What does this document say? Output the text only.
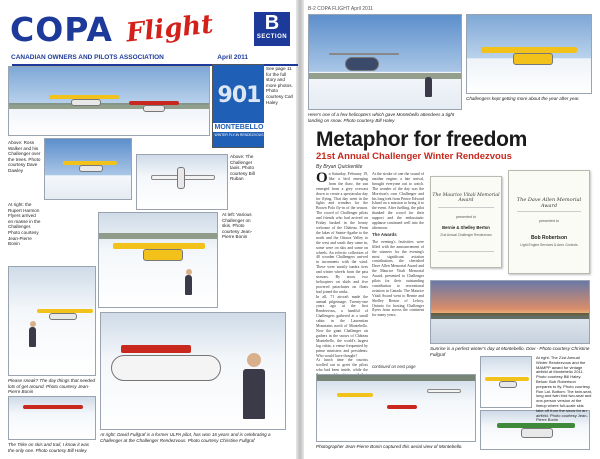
COPA Flight	B
SECTION
CANADIAN OWNERS AND PILOTS ASSOCIATION	April 2011
901
MONTEBELLO
WINTER FLY-IN RENDEZVOUS
See page 11 for the full story and more photos. Photo courtesy Carl Haley
Above: Ross Walker and his Challenger over the trees. Photo courtesy Dave Dawley
Above: The Challenger taxis. Photo courtesy Bill Ruban
At right: the Rupert Harmon Flyers arrived en masse in the Challenger. Photo courtesy Jean-Pierre Bonin
At left: Various Challenger on skis. Photo courtesy Jean-Pierre Bonin
Please sneak? The day things that needed lots of get around. Photo courtesy Jean-Pierre Bonin
The Trike on skis and trail, I know it was the only one. Photo courtesy Bill Haley
At right: David Fullgraf is a former ULPA pilot, has won 16 years and is celebrating a Challenger at the Challenger Rendezvous. Photo courtesy Christine Fullgraf
B-2 COPA FLIGHT April 2011
Here's one of a few helicopters which gave Montebello attendees a tight landing on snow. Photo courtesy Bill Haley
Challengers kept getting more about the year after year.
Metaphor for freedom
21st Annual Challenger Winter Rendezvous
By Bryan Quickenlite
On Saturday, February 19, like a bird emerging from the thaw, the sun emerged from a grey overcast down to create a spectacular day for flying. That day went in the lights and wonders for the Brown Polo fly-in of the season. The crowd of Challenger pilots and friends who had arrived on Friday basked in the hearty welcome of the Château. From the lakes of Sainte-Agathe to the north and the Ottawa Valley to the west and south they came in, some were on skis and some on wheels. An eclectic collection of 40 wooden Challengers arrived in increments with the wind. These were mostly tundra tires and winter wheels from the past seasons. By noon, two helicopters on skids and five powered parachutes on floats had joined the ranks.
In all, 71 aircraft made the annual pilgrimage. Twenty-one years ago at the first Rendezvous, a handful of Challengers gathered at a small cabin in the Laurentian Mountains north of Montebello. Now the giant Challenger air gathers in the snows of Château Montebello, the world's largest log cabin, a venue frequented by prime ministers and presidents. Who would have thought?
At lunch time the tourists strolled out to greet the pilots who had been inside, while the
At the stroke of one the sound of another engine, a late arrival, brought everyone out to watch. The wonder of the day was the Morrison's own Challenger and his long trek from Prince Edward Island on a mission to bring it to the event. After fuelling, the pilot thanked the crowd for their support and the enthusiastic applause continued well into the afternoon.
The Awards
The evening's festivities were filled with the announcement of the winners for the evening's most significant aviation contributions, the cherished Dave Allen Memorial Award and the Maurice Vitali Memorial Award, presented to Challenger pilots for their outstanding contribution to recreational aviation in Canada. The Maurice Vitali Award went to Bernie and Shelley Berton of Lefroy, Ontario for hosting Challenger flyers from across the continent for many years.
continued on next page
The Maurice Vitali Memorial Award
presented to
Bernie & Shelley Berton
21st Annual Challenger Rendezvous
The Dave Allen Memorial Award
presented to
Bob Robertson
Light Engine Services & Aero Controls
Sunrise is a perfect winter's day at Montebello. Dow - Photo courtesy Christine Fullgraf
Photographer Jean-Pierre Bonin captured this aerial view of Montebello.
At right: The 21st Annual Winter Rendezvous and the MAMPP award for vintage airfield at Montebello 2011. Photo courtesy Bill Haley. Below: Bob Robertson prepares to fly. Photo courtesy Ron Lai. Bottom: The twin-seat, long and twin bird two-seat and one-person version at the lineup where full-scale skis take off from the snow for an airfield. Photo courtesy Jean-Pierre Bonin
